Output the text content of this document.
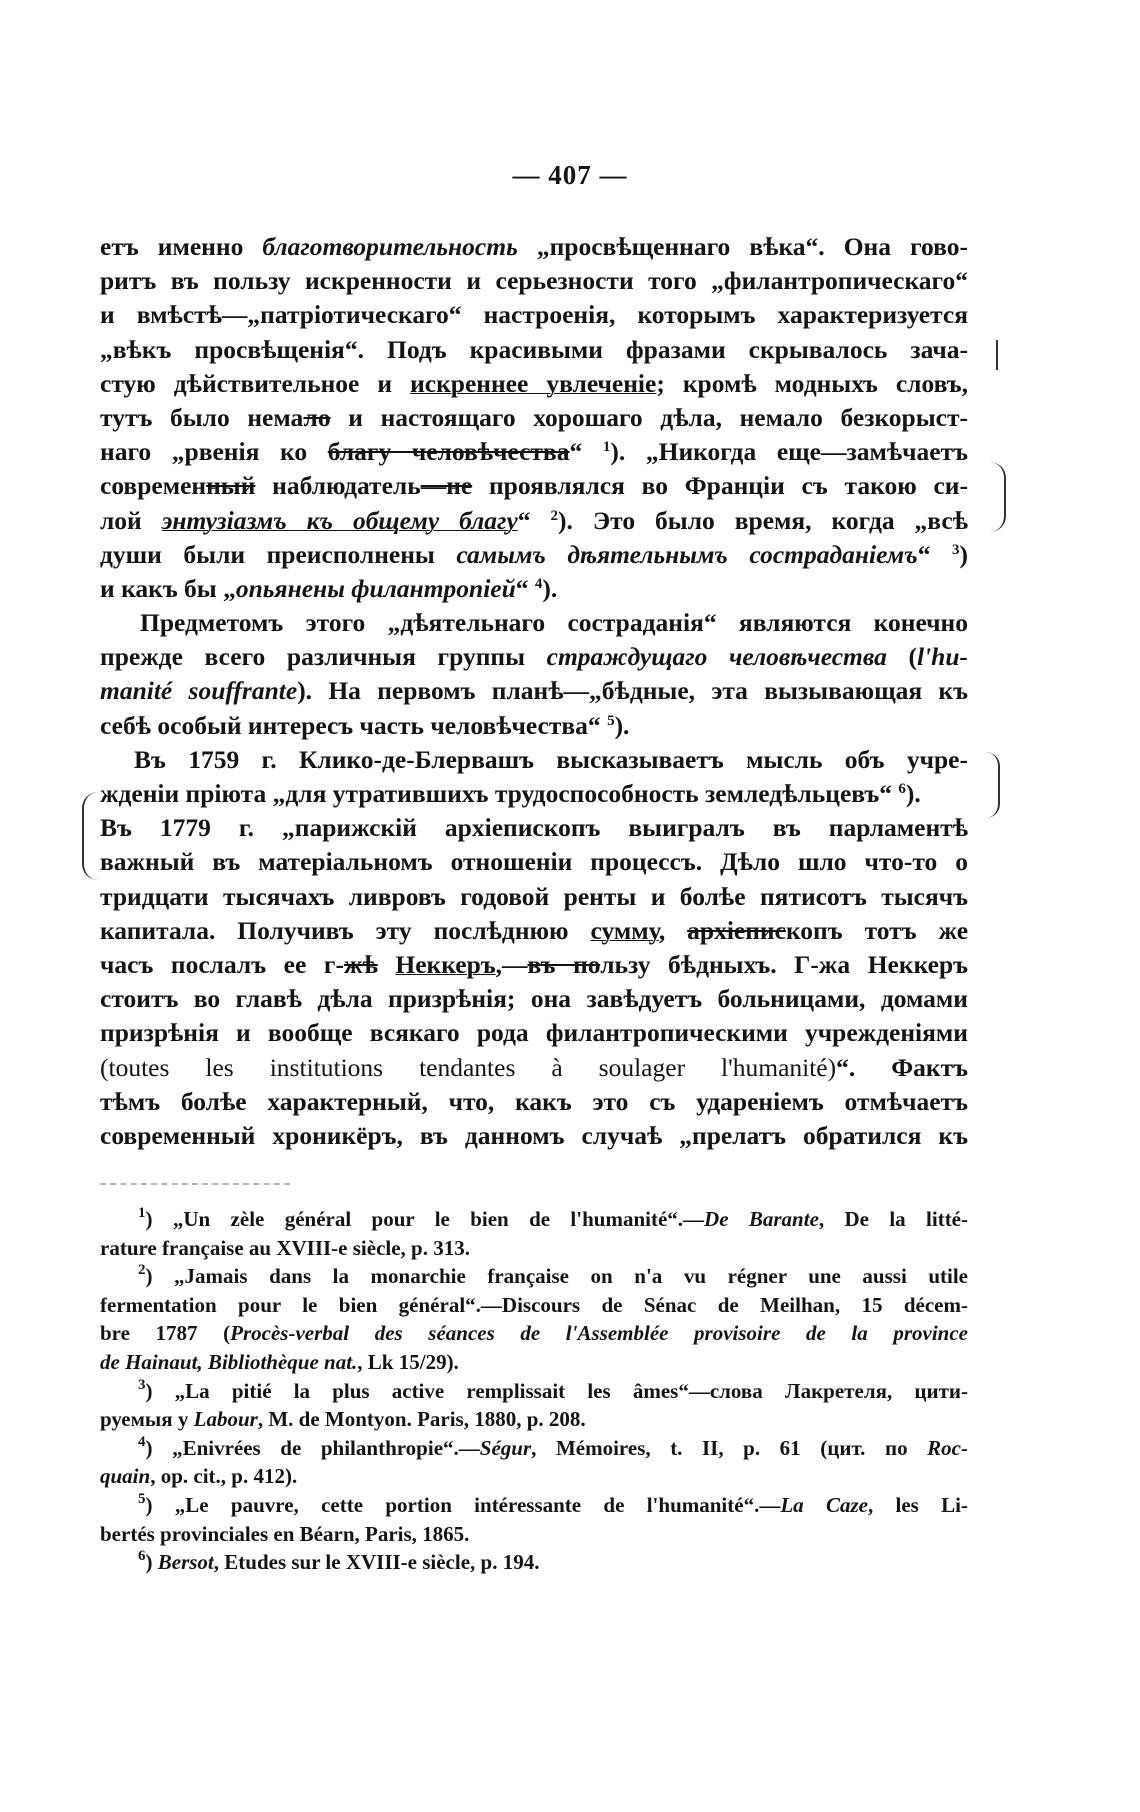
— 407 —
етъ именно благотворительность „просвѣщеннаго вѣка“. Она гово-
ритъ въ пользу искренности и серьезности того „филантропическаго“
и вмѣстѣ—„патріотическаго“ настроенія, которымъ характеризуется
„вѣкъ просвѣщенія“. Подъ красивыми фразами скрывалось зача-
стую дѣйствительное и искреннее увлеченіе; кромѣ модныхъ словъ,
тутъ было немало и настоящаго хорошаго дѣла, немало безкорыст-
наго „рвенія ко благу человѣчества“ $^1$). „Никогда еще—замѣчаетъ
современный наблюдатель—не проявлялся во Франціи съ такою си-
лой энтузіазмъ къ общему благу“ $^2$). Это было время, когда „всѣ
души были преисполнены самымъ дѣятельнымъ состраданіемъ“ $^3$)
и какъ бы „опьянены филантропіей“ $^4$).
Предметомъ этого „дѣятельнаго состраданія“ являются конечно
прежде всего различныя группы страждущаго человѣчества (l'hu-
manité souffrante). На первомъ планѣ—„бѣдные, эта вызывающая къ
себѣ особый интересъ часть человѣчества“ $^5$).
Въ 1759 г. Клико-де-Блервашъ высказываетъ мысль объ учре-
жденіи пріюта „для утратившихъ трудоспособность земледѣльцевъ“ $^6$).
Въ 1779 г. „парижскій архіепископъ выигралъ въ парламентѣ
важный въ матеріальномъ отношеніи процессъ. Дѣло шло что-то о
тридцати тысячахъ ливровъ годовой ренты и болѣе пятисотъ тысячъ
капитала. Получивъ эту послѣднюю сумму, архіепископъ тотъ же
часъ послалъ ее г-жѣ Неккеръ,—въ пользу бѣдныхъ. Г-жа Неккеръ
стоитъ во главѣ дѣла призрѣнія; она завѣдуетъ больницами, домами
призрѣнія и вообще всякаго рода филантропическими учрежденіями
(toutes les institutions tendantes à soulager l'humanité)“. Фактъ
тѣмъ болѣе характерный, что, какъ это съ удареніемъ отмѣчаетъ
современный хроникёръ, въ данномъ случаѣ „прелатъ обратился къ
$^1$) „Un zèle général pour le bien de l'humanité“.—De Barante, De la litté-
rature française au XVIII-e siècle, p. 313.
$^2$) „Jamais dans la monarchie française on n'a vu régner une aussi utile
fermentation pour le bien général“.—Discours de Sénac de Meilhan, 15 décem-
bre 1787 (Procès-verbal des séances de l'Assemblée provisoire de la province
de Hainaut, Bibliothèque nat., Lk 15/29).
$^3$) „La pitié la plus active remplissait les âmes“—слова Лакретеля, цити-
руемыя у Labour, M. de Montyon. Paris, 1880, p. 208.
$^4$) „Enivrées de philanthropie“.—Ségur, Mémoires, t. II, p. 61 (цит. по Roc-
quain, op. cit., p. 412).
$^5$) „Le pauvre, cette portion intéressante de l'humanité“.—La Caze, les Li-
bertés provinciales en Béarn, Paris, 1865.
$^6$) Bersot, Etudes sur le XVIII-e siècle, p. 194.
